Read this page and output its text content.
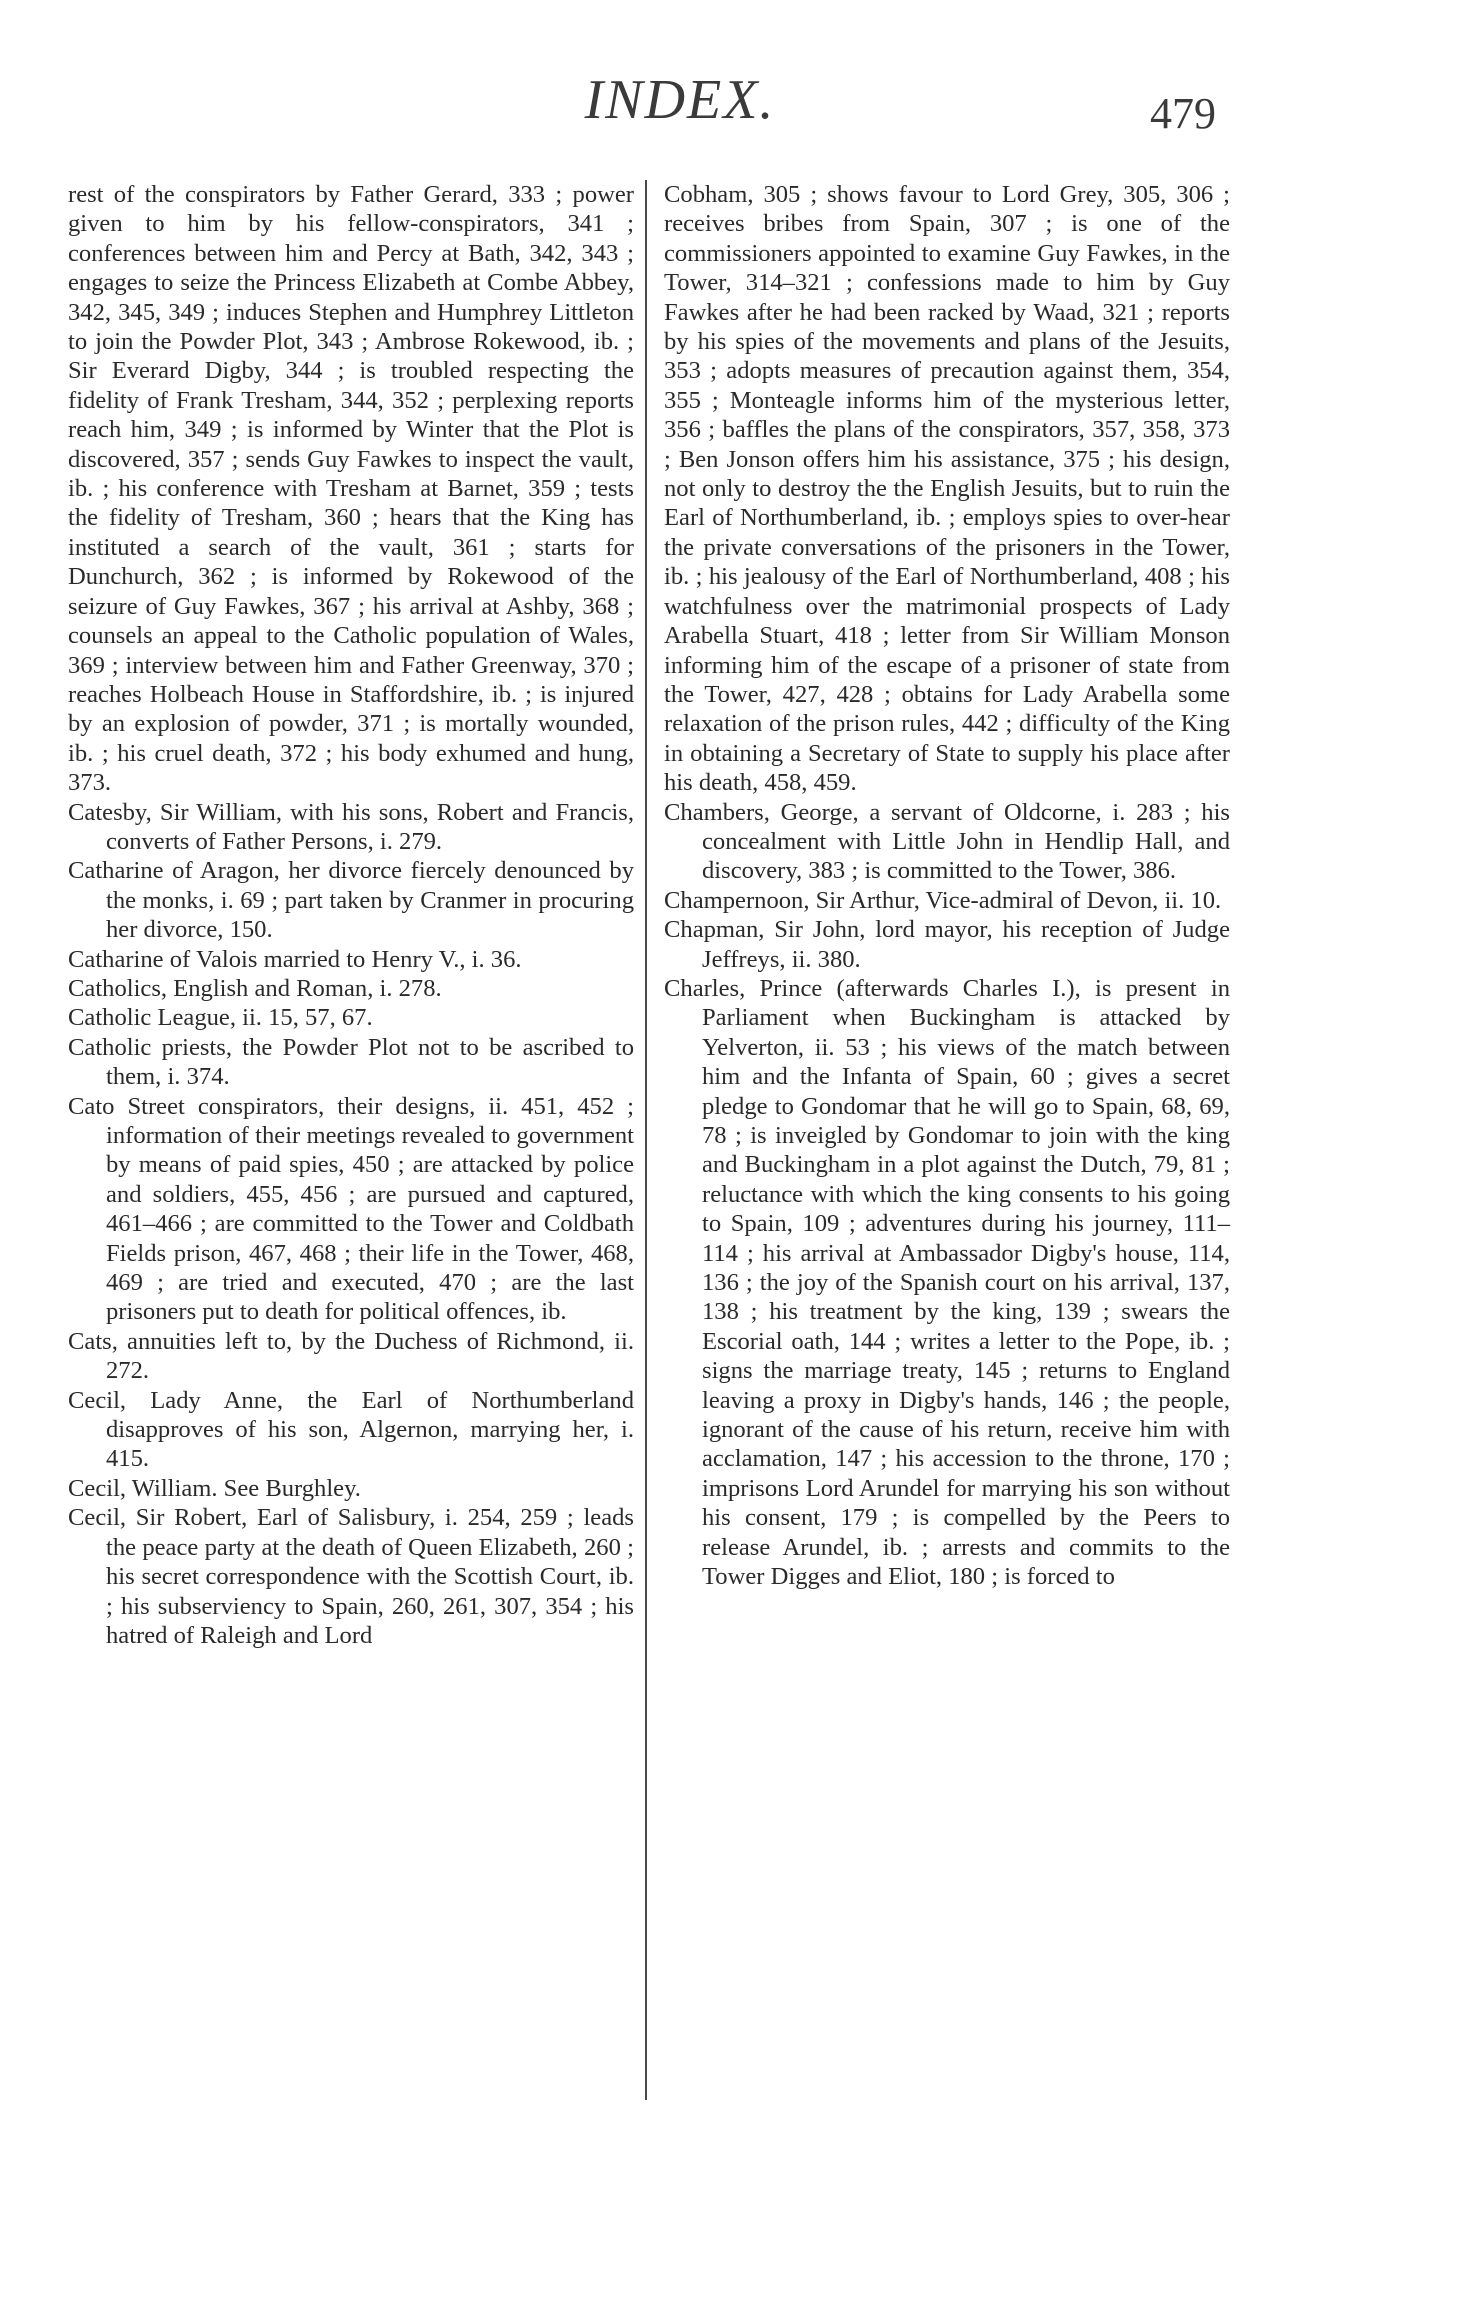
INDEX.	479

rest of the conspirators by Father Gerard, 333 ; power given to him by his fellow-conspirators, 341 ; conferences between him and Percy at Bath, 342, 343 ; engages to seize the Princess Elizabeth at Combe Abbey, 342, 345, 349 ; induces Stephen and Humphrey Littleton to join the Powder Plot, 343 ; Ambrose Rokewood, ib. ; Sir Everard Digby, 344 ; is troubled respecting the fidelity of Frank Tresham, 344, 352 ; perplexing reports reach him, 349 ; is informed by Winter that the Plot is discovered, 357 ; sends Guy Fawkes to inspect the vault, ib. ; his conference with Tresham at Barnet, 359 ; tests the fidelity of Tresham, 360 ; hears that the King has instituted a search of the vault, 361 ; starts for Dunchurch, 362 ; is informed by Rokewood of the seizure of Guy Fawkes, 367 ; his arrival at Ashby, 368 ; counsels an appeal to the Catholic population of Wales, 369 ; interview between him and Father Greenway, 370 ; reaches Holbeach House in Staffordshire, ib. ; is injured by an explosion of powder, 371 ; is mortally wounded, ib. ; his cruel death, 372 ; his body exhumed and hung, 373.

Catesby, Sir William, with his sons, Robert and Francis, converts of Father Persons, i. 279.

Catharine of Aragon, her divorce fiercely denounced by the monks, i. 69 ; part taken by Cranmer in procuring her divorce, 150.

Catharine of Valois married to Henry V., i. 36.

Catholics, English and Roman, i. 278.

Catholic League, ii. 15, 57, 67.

Catholic priests, the Powder Plot not to be ascribed to them, i. 374.

Cato Street conspirators, their designs, ii. 451, 452 ; information of their meetings revealed to government by means of paid spies, 450 ; are attacked by police and soldiers, 455, 456 ; are pursued and captured, 461–466 ; are committed to the Tower and Coldbath Fields prison, 467, 468 ; their life in the Tower, 468, 469 ; are tried and executed, 470 ; are the last prisoners put to death for political offences, ib.

Cats, annuities left to, by the Duchess of Richmond, ii. 272.

Cecil, Lady Anne, the Earl of Northumberland disapproves of his son, Algernon, marrying her, i. 415.

Cecil, William. See Burghley.

Cecil, Sir Robert, Earl of Salisbury, i. 254, 259 ; leads the peace party at the death of Queen Elizabeth, 260 ; his secret correspondence with the Scottish Court, ib. ; his subserviency to Spain, 260, 261, 307, 354 ; his hatred of Raleigh and Lord

Cobham, 305 ; shows favour to Lord Grey, 305, 306 ; receives bribes from Spain, 307 ; is one of the commissioners appointed to examine Guy Fawkes, in the Tower, 314–321 ; confessions made to him by Guy Fawkes after he had been racked by Waad, 321 ; reports by his spies of the movements and plans of the Jesuits, 353 ; adopts measures of precaution against them, 354, 355 ; Monteagle informs him of the mysterious letter, 356 ; baffles the plans of the conspirators, 357, 358, 373 ; Ben Jonson offers him his assistance, 375 ; his design, not only to destroy the the English Jesuits, but to ruin the Earl of Northumberland, ib. ; employs spies to over-hear the private conversations of the prisoners in the Tower, ib. ; his jealousy of the Earl of Northumberland, 408 ; his watchfulness over the matrimonial prospects of Lady Arabella Stuart, 418 ; letter from Sir William Monson informing him of the escape of a prisoner of state from the Tower, 427, 428 ; obtains for Lady Arabella some relaxation of the prison rules, 442 ; difficulty of the King in obtaining a Secretary of State to supply his place after his death, 458, 459.

Chambers, George, a servant of Oldcorne, i. 283 ; his concealment with Little John in Hendlip Hall, and discovery, 383 ; is committed to the Tower, 386.

Champernoon, Sir Arthur, Vice-admiral of Devon, ii. 10.

Chapman, Sir John, lord mayor, his reception of Judge Jeffreys, ii. 380.

Charles, Prince (afterwards Charles I.), is present in Parliament when Buckingham is attacked by Yelverton, ii. 53 ; his views of the match between him and the Infanta of Spain, 60 ; gives a secret pledge to Gondomar that he will go to Spain, 68, 69, 78 ; is inveigled by Gondomar to join with the king and Buckingham in a plot against the Dutch, 79, 81 ; reluctance with which the king consents to his going to Spain, 109 ; adventures during his journey, 111–114 ; his arrival at Ambassador Digby's house, 114, 136 ; the joy of the Spanish court on his arrival, 137, 138 ; his treatment by the king, 139 ; swears the Escorial oath, 144 ; writes a letter to the Pope, ib. ; signs the marriage treaty, 145 ; returns to England leaving a proxy in Digby's hands, 146 ; the people, ignorant of the cause of his return, receive him with acclamation, 147 ; his accession to the throne, 170 ; imprisons Lord Arundel for marrying his son without his consent, 179 ; is compelled by the Peers to release Arundel, ib. ; arrests and commits to the Tower Digges and Eliot, 180 ; is forced to
